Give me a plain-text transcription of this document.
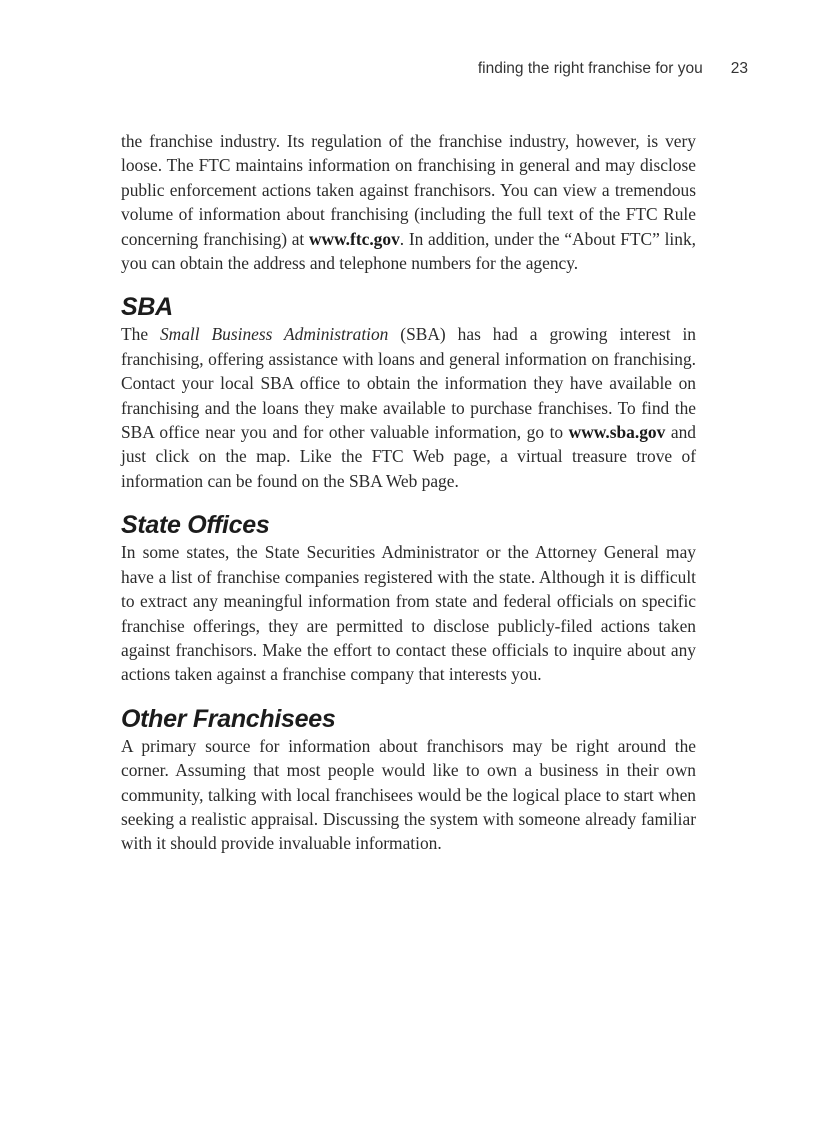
finding the right franchise for you 23

the franchise industry. Its regulation of the franchise industry, however, is very loose. The FTC maintains information on franchising in general and may disclose public enforcement actions taken against franchisors. You can view a tremendous volume of information about franchising (including the full text of the FTC Rule concerning franchising) at www.ftc.gov. In addition, under the “About FTC” link, you can obtain the address and telephone numbers for the agency.

SBA

The Small Business Administration (SBA) has had a growing interest in franchising, offering assistance with loans and general information on franchising. Contact your local SBA office to obtain the information they have available on franchising and the loans they make available to purchase franchises. To find the SBA office near you and for other valuable information, go to www.sba.gov and just click on the map. Like the FTC Web page, a virtual treasure trove of information can be found on the SBA Web page.

State Offices

In some states, the State Securities Administrator or the Attorney General may have a list of franchise companies registered with the state. Although it is difficult to extract any meaningful information from state and federal officials on specific franchise offerings, they are permitted to disclose publicly-filed actions taken against franchisors. Make the effort to contact these officials to inquire about any actions taken against a franchise company that interests you.

Other Franchisees

A primary source for information about franchisors may be right around the corner. Assuming that most people would like to own a business in their own community, talking with local franchisees would be the logical place to start when seeking a realistic appraisal. Discussing the system with someone already familiar with it should provide invaluable information.
